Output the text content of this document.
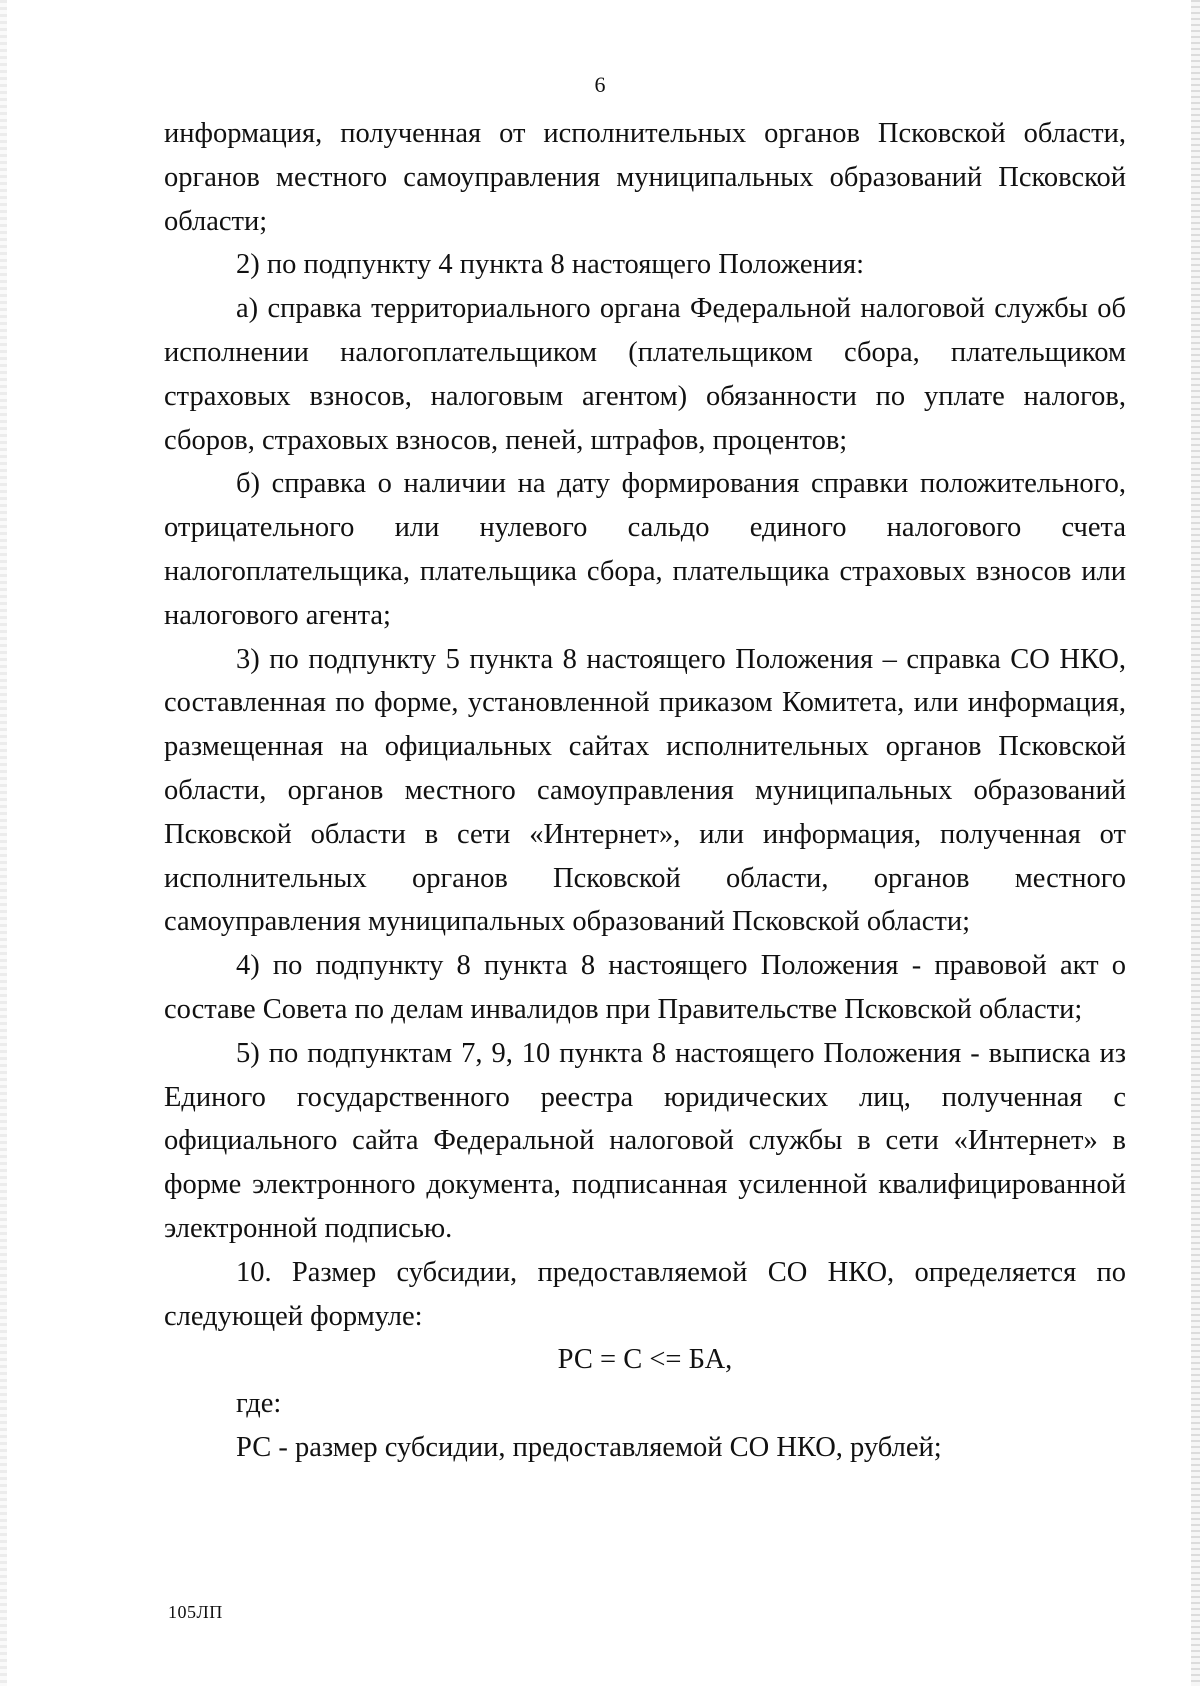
6

информация, полученная от исполнительных органов Псковской области, органов местного самоуправления муниципальных образований Псковской области;

2) по подпункту 4 пункта 8 настоящего Положения:

а) справка территориального органа Федеральной налоговой службы об исполнении налогоплательщиком (плательщиком сбора, плательщиком страховых взносов, налоговым агентом) обязанности по уплате налогов, сборов, страховых взносов, пеней, штрафов, процентов;

б) справка о наличии на дату формирования справки положительного, отрицательного или нулевого сальдо единого налогового счета налогоплательщика, плательщика сбора, плательщика страховых взносов или налогового агента;

3) по подпункту 5 пункта 8 настоящего Положения – справка СО НКО, составленная по форме, установленной приказом Комитета, или информация, размещенная на официальных сайтах исполнительных органов Псковской области, органов местного самоуправления муниципальных образований Псковской области в сети «Интернет», или информация, полученная от исполнительных органов Псковской области, органов местного самоуправления муниципальных образований Псковской области;

4) по подпункту 8 пункта 8 настоящего Положения - правовой акт о составе Совета по делам инвалидов при Правительстве Псковской области;

5) по подпунктам 7, 9, 10 пункта 8 настоящего Положения - выписка из Единого государственного реестра юридических лиц, полученная с официального сайта Федеральной налоговой службы в сети «Интернет» в форме электронного документа, подписанная усиленной квалифицированной электронной подписью.

10. Размер субсидии, предоставляемой СО НКО, определяется по следующей формуле:

РС = С <= БА,

где:

РС - размер субсидии, предоставляемой СО НКО, рублей;

105ЛП
